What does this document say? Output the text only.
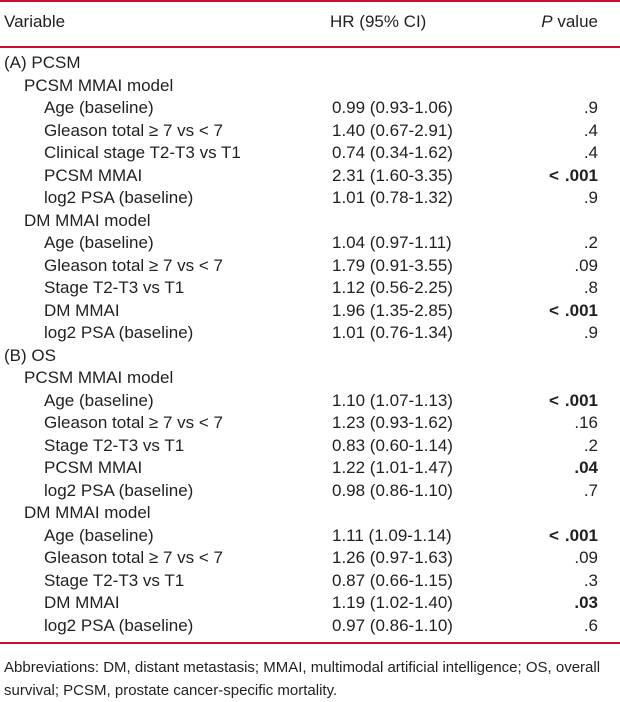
Variable	HR (95% CI)	P value
(A) PCSM
PCSM MMAI model
Age (baseline)	0.99 (0.93-1.06)	.9
Gleason total ≥ 7 vs < 7	1.40 (0.67-2.91)	.4
Clinical stage T2-T3 vs T1	0.74 (0.34-1.62)	.4
PCSM MMAI	2.31 (1.60-3.35)	< .001
log2 PSA (baseline)	1.01 (0.78-1.32)	.9
DM MMAI model
Age (baseline)	1.04 (0.97-1.11)	.2
Gleason total ≥ 7 vs < 7	1.79 (0.91-3.55)	.09
Stage T2-T3 vs T1	1.12 (0.56-2.25)	.8
DM MMAI	1.96 (1.35-2.85)	< .001
log2 PSA (baseline)	1.01 (0.76-1.34)	.9
(B) OS
PCSM MMAI model
Age (baseline)	1.10 (1.07-1.13)	< .001
Gleason total ≥ 7 vs < 7	1.23 (0.93-1.62)	.16
Stage T2-T3 vs T1	0.83 (0.60-1.14)	.2
PCSM MMAI	1.22 (1.01-1.47)	.04
log2 PSA (baseline)	0.98 (0.86-1.10)	.7
DM MMAI model
Age (baseline)	1.11 (1.09-1.14)	< .001
Gleason total ≥ 7 vs < 7	1.26 (0.97-1.63)	.09
Stage T2-T3 vs T1	0.87 (0.66-1.15)	.3
DM MMAI	1.19 (1.02-1.40)	.03
log2 PSA (baseline)	0.97 (0.86-1.10)	.6
Abbreviations: DM, distant metastasis; MMAI, multimodal artificial intelligence; OS, overall survival; PCSM, prostate cancer-specific mortality.
